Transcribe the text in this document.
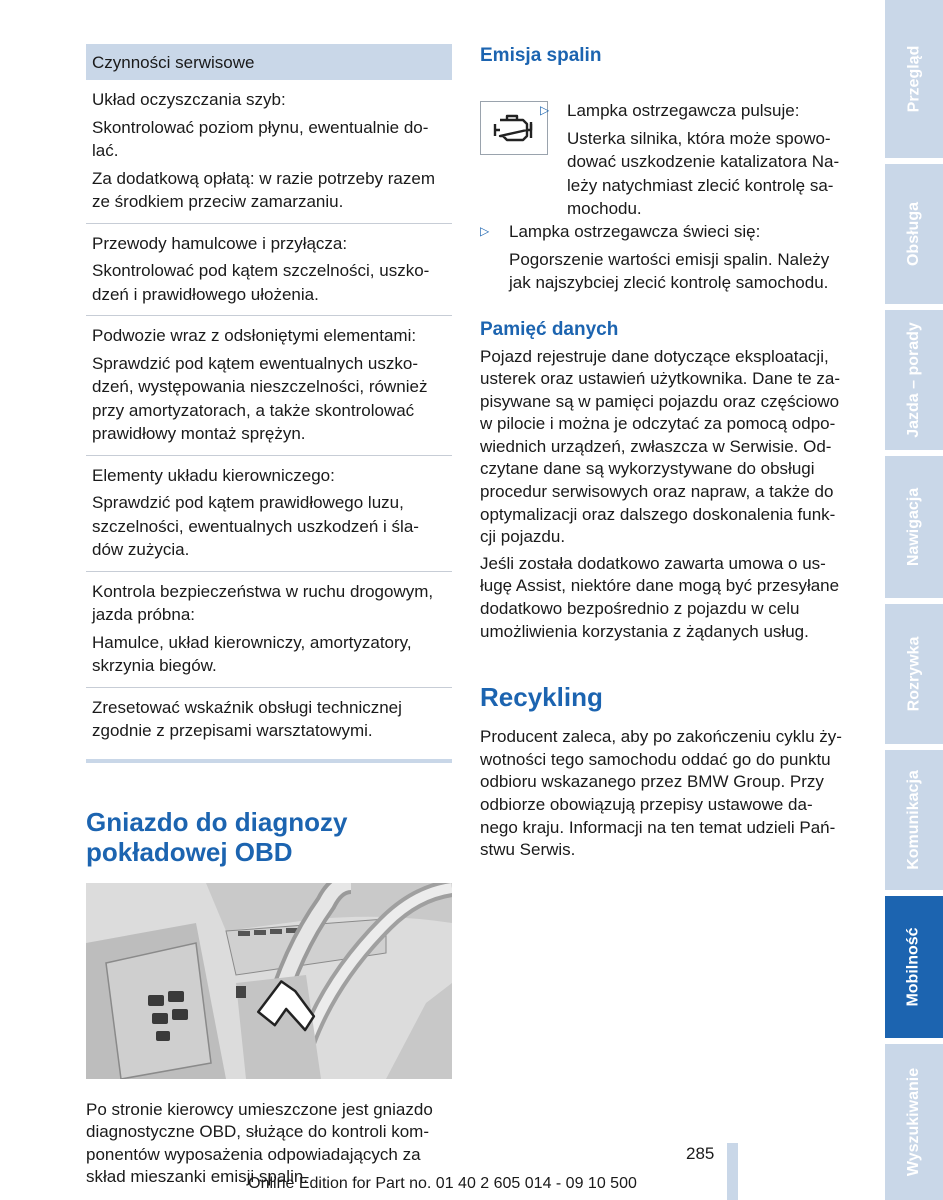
Czynności serwisowe

Układ oczyszczania szyb:

Skontrolować poziom płynu, ewentualnie do-lać.

Za dodatkową opłatą: w razie potrzeby razem ze środkiem przeciw zamarzaniu.

Przewody hamulcowe i przyłącza:

Skontrolować pod kątem szczelności, uszko-dzeń i prawidłowego ułożenia.

Podwozie wraz z odsłoniętymi elementami:

Sprawdzić pod kątem ewentualnych uszko-dzeń, występowania nieszczelności, również przy amortyzatorach, a także skontrolować prawidłowy montaż sprężyn.

Elementy układu kierowniczego:

Sprawdzić pod kątem prawidłowego luzu, szczelności, ewentualnych uszkodzeń i śla-dów zużycia.

Kontrola bezpieczeństwa w ruchu drogowym, jazda próbna:

Hamulce, układ kierowniczy, amortyzatory, skrzynia biegów.

Zresetować wskaźnik obsługi technicznej zgodnie z przepisami warsztatowymi.

Gniazdo do diagnozy pokładowej OBD

Po stronie kierowcy umieszczone jest gniazdo diagnostyczne OBD, służące do kontroli kom-ponentów wyposażenia odpowiadających za skład mieszanki emisji spalin.

Emisja spalin
▷	Lampka ostrzegawcza pulsuje:

Usterka silnika, która może spowo-dować uszkodzenie katalizatora Na-leży natychmiast zlecić kontrolę sa-mochodu.

▷	Lampka ostrzegawcza świeci się:

Pogorszenie wartości emisji spalin. Należy jak najszybciej zlecić kontrolę samochodu.

Pamięć danych

Pojazd rejestruje dane dotyczące eksploatacji, usterek oraz ustawień użytkownika. Dane te za-pisywane są w pamięci pojazdu oraz częściowo w pilocie i można je odczytać za pomocą odpo-wiednich urządzeń, zwłaszcza w Serwisie. Od-czytane dane są wykorzystywane do obsługi procedur serwisowych oraz napraw, a także do optymalizacji oraz dalszego doskonalenia funk-cji pojazdu.

Jeśli została dodatkowo zawarta umowa o us-ługę Assist, niektóre dane mogą być przesyłane dodatkowo bezpośrednio z pojazdu w celu umożliwienia korzystania z żądanych usług.

Recykling

Producent zaleca, aby po zakończeniu cyklu ży-wotności tego samochodu oddać go do punktu odbioru wskazanego przez BMW Group. Przy odbiorze obowiązują przepisy ustawowe da-nego kraju. Informacji na ten temat udzieli Pań-stwu Serwis.

Przegląd
Obsługa
Jazda – porady
Nawigacja
Rozrywka
Komunikacja
Mobilność
Wyszukiwanie
285
Online Edition for Part no. 01 40 2 605 014 - 09 10 500
